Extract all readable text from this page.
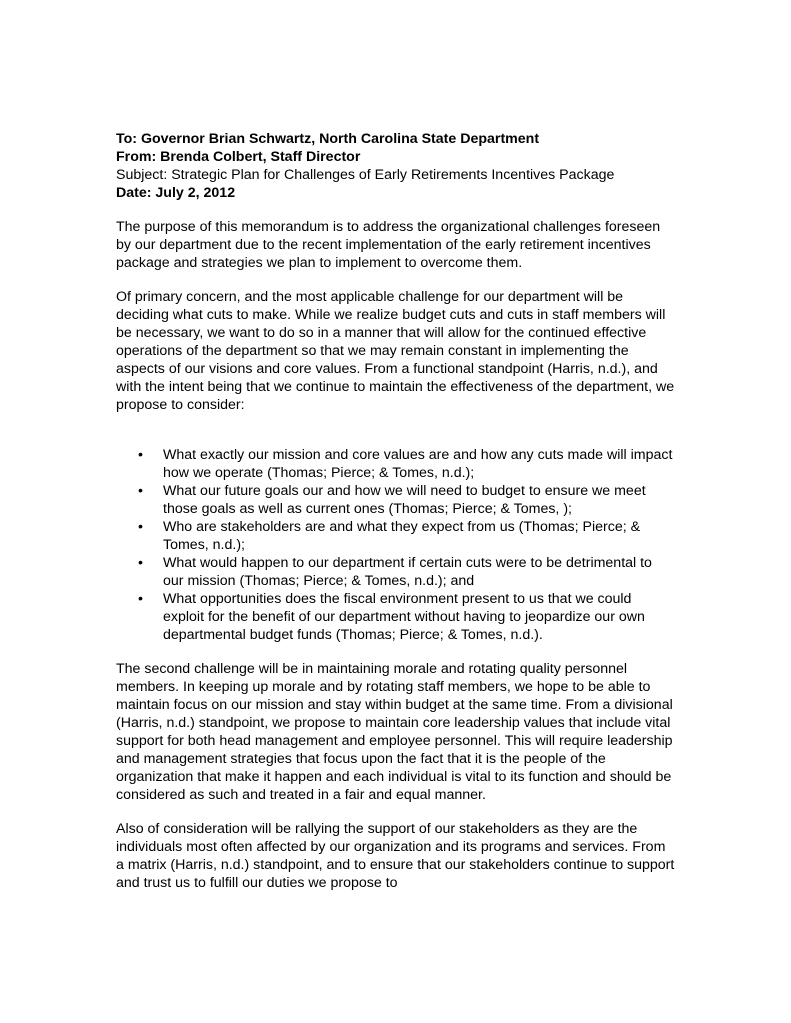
To: Governor Brian Schwartz, North Carolina State Department
From: Brenda Colbert, Staff Director
Subject: Strategic Plan for Challenges of Early Retirements Incentives Package
Date: July 2, 2012

The purpose of this memorandum is to address the organizational challenges foreseen by our department due to the recent implementation of the early retirement incentives package and strategies we plan to implement to overcome them.

Of primary concern, and the most applicable challenge for our department will be deciding what cuts to make. While we realize budget cuts and cuts in staff members will be necessary, we want to do so in a manner that will allow for the continued effective operations of the department so that we may remain constant in implementing the aspects of our visions and core values. From a functional standpoint (Harris, n.d.), and with the intent being that we continue to maintain the effectiveness of the department, we propose to consider:

• What exactly our mission and core values are and how any cuts made will impact how we operate (Thomas; Pierce; & Tomes, n.d.);
• What our future goals our and how we will need to budget to ensure we meet those goals as well as current ones (Thomas; Pierce; & Tomes, );
• Who are stakeholders are and what they expect from us (Thomas; Pierce; & Tomes, n.d.);
• What would happen to our department if certain cuts were to be detrimental to our mission (Thomas; Pierce; & Tomes, n.d.); and
• What opportunities does the fiscal environment present to us that we could exploit for the benefit of our department without having to jeopardize our own departmental budget funds (Thomas; Pierce; & Tomes, n.d.).

The second challenge will be in maintaining morale and rotating quality personnel members. In keeping up morale and by rotating staff members, we hope to be able to maintain focus on our mission and stay within budget at the same time. From a divisional (Harris, n.d.) standpoint, we propose to maintain core leadership values that include vital support for both head management and employee personnel. This will require leadership and management strategies that focus upon the fact that it is the people of the organization that make it happen and each individual is vital to its function and should be considered as such and treated in a fair and equal manner.

Also of consideration will be rallying the support of our stakeholders as they are the individuals most often affected by our organization and its programs and services. From a matrix (Harris, n.d.) standpoint, and to ensure that our stakeholders continue to support and trust us to fulfill our duties we propose to
